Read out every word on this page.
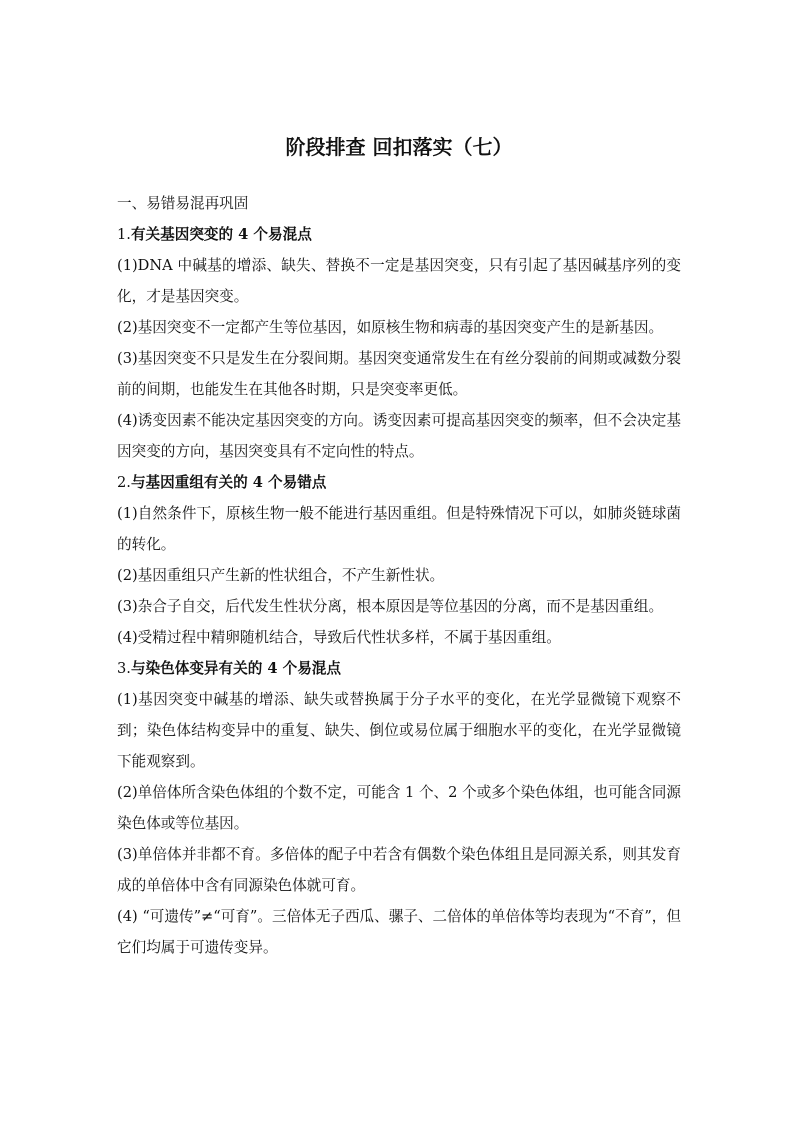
阶段排查 回扣落实（七）

一、易错易混再巩固

1.有关基因突变的 4 个易混点

(1)DNA 中碱基的增添、缺失、替换不一定是基因突变，只有引起了基因碱基序列的变化，才是基因突变。

(2)基因突变不一定都产生等位基因，如原核生物和病毒的基因突变产生的是新基因。

(3)基因突变不只是发生在分裂间期。基因突变通常发生在有丝分裂前的间期或减数分裂前的间期，也能发生在其他各时期，只是突变率更低。

(4)诱变因素不能决定基因突变的方向。诱变因素可提高基因突变的频率，但不会决定基因突变的方向，基因突变具有不定向性的特点。

2.与基因重组有关的 4 个易错点

(1)自然条件下，原核生物一般不能进行基因重组。但是特殊情况下可以，如肺炎链球菌的转化。

(2)基因重组只产生新的性状组合，不产生新性状。

(3)杂合子自交，后代发生性状分离，根本原因是等位基因的分离，而不是基因重组。

(4)受精过程中精卵随机结合，导致后代性状多样，不属于基因重组。

3.与染色体变异有关的 4 个易混点

(1)基因突变中碱基的增添、缺失或替换属于分子水平的变化，在光学显微镜下观察不到；染色体结构变异中的重复、缺失、倒位或易位属于细胞水平的变化，在光学显微镜下能观察到。

(2)单倍体所含染色体组的个数不定，可能含 1 个、2 个或多个染色体组，也可能含同源染色体或等位基因。

(3)单倍体并非都不育。多倍体的配子中若含有偶数个染色体组且是同源关系，则其发育成的单倍体中含有同源染色体就可育。

(4) “可遗传”≠“可育”。三倍体无子西瓜、骡子、二倍体的单倍体等均表现为“不育”，但它们均属于可遗传变异。
